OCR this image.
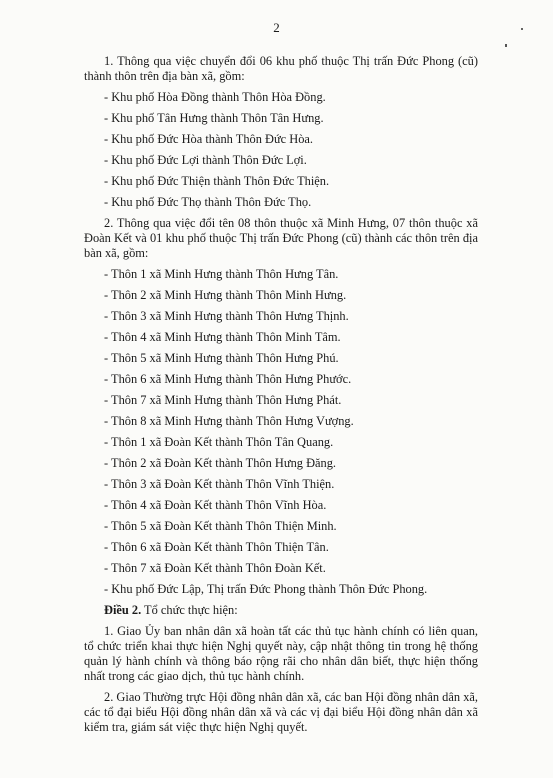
2

1. Thông qua việc chuyển đổi 06 khu phố thuộc Thị trấn Đức Phong (cũ) thành thôn trên địa bàn xã, gồm:

- Khu phố Hòa Đồng thành Thôn Hòa Đồng.
- Khu phố Tân Hưng thành Thôn Tân Hưng.
- Khu phố Đức Hòa thành Thôn Đức Hòa.
- Khu phố Đức Lợi thành Thôn Đức Lợi.
- Khu phố Đức Thiện thành Thôn Đức Thiện.
- Khu phố Đức Thọ thành Thôn Đức Thọ.

2. Thông qua việc đổi tên 08 thôn thuộc xã Minh Hưng, 07 thôn thuộc xã Đoàn Kết và 01 khu phố thuộc Thị trấn Đức Phong (cũ) thành các thôn trên địa bàn xã, gồm:

- Thôn 1 xã Minh Hưng thành Thôn Hưng Tân.
- Thôn 2 xã Minh Hưng thành Thôn Minh Hưng.
- Thôn 3 xã Minh Hưng thành Thôn Hưng Thịnh.
- Thôn 4 xã Minh Hưng thành Thôn Minh Tâm.
- Thôn 5 xã Minh Hưng thành Thôn Hưng Phú.
- Thôn 6 xã Minh Hưng thành Thôn Hưng Phước.
- Thôn 7 xã Minh Hưng thành Thôn Hưng Phát.
- Thôn 8 xã Minh Hưng thành Thôn Hưng Vượng.
- Thôn 1 xã Đoàn Kết thành Thôn Tân Quang.
- Thôn 2 xã Đoàn Kết thành Thôn Hưng Đăng.
- Thôn 3 xã Đoàn Kết thành Thôn Vĩnh Thiện.
- Thôn 4 xã Đoàn Kết thành Thôn Vĩnh Hòa.
- Thôn 5 xã Đoàn Kết thành Thôn Thiện Minh.
- Thôn 6 xã Đoàn Kết thành Thôn Thiện Tân.
- Thôn 7 xã Đoàn Kết thành Thôn Đoàn Kết.
- Khu phố Đức Lập, Thị trấn Đức Phong thành Thôn Đức Phong.

Điều 2. Tổ chức thực hiện:

1. Giao Ủy ban nhân dân xã hoàn tất các thủ tục hành chính có liên quan, tổ chức triển khai thực hiện Nghị quyết này, cập nhật thông tin trong hệ thống quản lý hành chính và thông báo rộng rãi cho nhân dân biết, thực hiện thống nhất trong các giao dịch, thủ tục hành chính.

2. Giao Thường trực Hội đồng nhân dân xã, các ban Hội đồng nhân dân xã, các tổ đại biểu Hội đồng nhân dân xã và các vị đại biểu Hội đồng nhân dân xã kiểm tra, giám sát việc thực hiện Nghị quyết.
